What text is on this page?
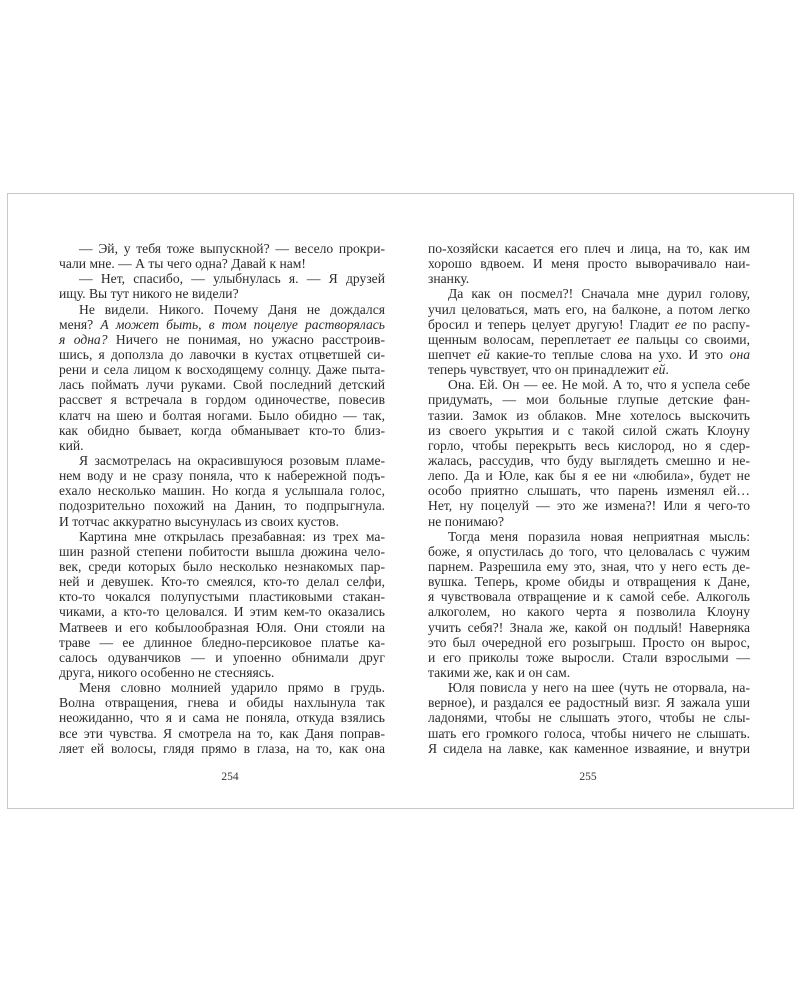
— Эй, у тебя тоже выпускной? — весело прокри-
чали мне. — А ты чего одна? Давай к нам!
— Нет, спасибо, — улыбнулась я. — Я друзей
ищу. Вы тут никого не видели?
Не видели. Никого. Почему Даня не дождался
меня? А может быть, в том поцелуе растворялась
я одна? Ничего не понимая, но ужасно расстроив-
шись, я доползла до лавочки в кустах отцветшей си-
рени и села лицом к восходящему солнцу. Даже пыта-
лась поймать лучи руками. Свой последний детский
рассвет я встречала в гордом одиночестве, повесив
клатч на шею и болтая ногами. Было обидно — так,
как обидно бывает, когда обманывает кто-то близ-
кий.
Я засмотрелась на окрасившуюся розовым пламе-
нем воду и не сразу поняла, что к набережной подъ-
ехало несколько машин. Но когда я услышала голос,
подозрительно похожий на Данин, то подпрыгнула.
И тотчас аккуратно высунулась из своих кустов.
Картина мне открылась презабавная: из трех ма-
шин разной степени побитости вышла дюжина чело-
век, среди которых было несколько незнакомых пар-
ней и девушек. Кто-то смеялся, кто-то делал селфи,
кто-то чокался полупустыми пластиковыми стакан-
чиками, а кто-то целовался. И этим кем-то оказались
Матвеев и его кобылообразная Юля. Они стояли на
траве — ее длинное бледно-персиковое платье ка-
салось одуванчиков — и упоенно обнимали друг
друга, никого особенно не стесняясь.
Меня словно молнией ударило прямо в грудь.
Волна отвращения, гнева и обиды нахлынула так
неожиданно, что я и сама не поняла, откуда взялись
все эти чувства. Я смотрела на то, как Даня поправ-
ляет ей волосы, глядя прямо в глаза, на то, как она
254
по-хозяйски касается его плеч и лица, на то, как им
хорошо вдвоем. И меня просто выворачивало наи-
знанку.
Да как он посмел?! Сначала мне дурил голову,
учил целоваться, мать его, на балконе, а потом легко
бросил и теперь целует другую! Гладит ее по распу-
щенным волосам, переплетает ее пальцы со своими,
шепчет ей какие-то теплые слова на ухо. И это она
теперь чувствует, что он принадлежит ей.
Она. Ей. Он — ее. Не мой. А то, что я успела себе
придумать, — мои больные глупые детские фан-
тазии. Замок из облаков. Мне хотелось выскочить
из своего укрытия и с такой силой сжать Клоуну
горло, чтобы перекрыть весь кислород, но я сдер-
жалась, рассудив, что буду выглядеть смешно и не-
лепо. Да и Юле, как бы я ее ни «любила», будет не
особо приятно слышать, что парень изменял ей…
Нет, ну поцелуй — это же измена?! Или я чего-то
не понимаю?
Тогда меня поразила новая неприятная мысль:
боже, я опустилась до того, что целовалась с чужим
парнем. Разрешила ему это, зная, что у него есть де-
вушка. Теперь, кроме обиды и отвращения к Дане,
я чувствовала отвращение и к самой себе. Алкоголь
алкоголем, но какого черта я позволила Клоуну
учить себя?! Знала же, какой он подлый! Наверняка
это был очередной его розыгрыш. Просто он вырос,
и его приколы тоже выросли. Стали взрослыми —
такими же, как и он сам.
Юля повисла у него на шее (чуть не оторвала, на-
верное), и раздался ее радостный визг. Я зажала уши
ладонями, чтобы не слышать этого, чтобы не слы-
шать его громкого голоса, чтобы ничего не слышать.
Я сидела на лавке, как каменное изваяние, и внутри
255
